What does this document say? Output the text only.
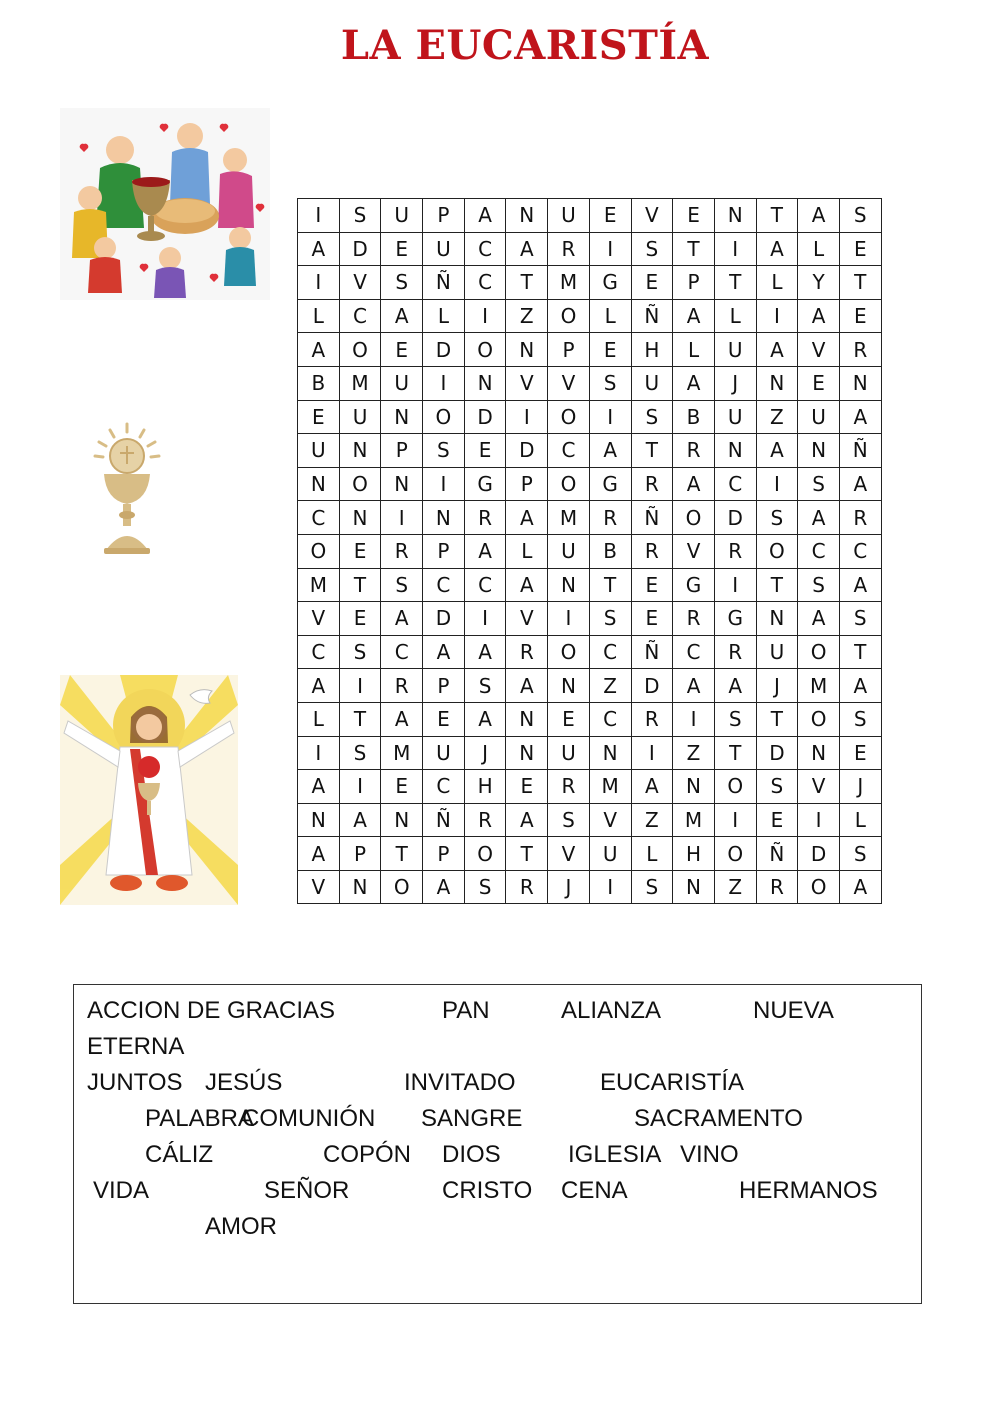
LA EUCARISTÍA
I	S	U	P	A	N	U	E	V	E	N	T	A	S
A	D	E	U	C	A	R	I	S	T	I	A	L	E
I	V	S	Ñ	C	T	M	G	E	P	T	L	Y	T
L	C	A	L	I	Z	O	L	Ñ	A	L	I	A	E
A	O	E	D	O	N	P	E	H	L	U	A	V	R
B	M	U	I	N	V	V	S	U	A	J	N	E	N
E	U	N	O	D	I	O	I	S	B	U	Z	U	A
U	N	P	S	E	D	C	A	T	R	N	A	N	Ñ
N	O	N	I	G	P	O	G	R	A	C	I	S	A
C	N	I	N	R	A	M	R	Ñ	O	D	S	A	R
O	E	R	P	A	L	U	B	R	V	R	O	C	C
M	T	S	C	C	A	N	T	E	G	I	T	S	A
V	E	A	D	I	V	I	S	E	R	G	N	A	S
C	S	C	A	A	R	O	C	Ñ	C	R	U	O	T
A	I	R	P	S	A	N	Z	D	A	A	J	M	A
L	T	A	E	A	N	E	C	R	I	S	T	O	S
I	S	M	U	J	N	U	N	I	Z	T	D	N	E
A	I	E	C	H	E	R	M	A	N	O	S	V	J
N	A	N	Ñ	R	A	S	V	Z	M	I	E	I	L
A	P	T	P	O	T	V	U	L	H	O	Ñ	D	S
V	N	O	A	S	R	J	I	S	N	Z	R	O	A
ACCION DE GRACIAS	PAN	ALIANZA	NUEVA
ETERNA
JUNTOS JESÚS	INVITADO	EUCARISTÍA
PALABRA
COMUNIÓN SANGRE	SACRAMENTO
CÁLIZ	COPÓN DIOS	IGLESIA VINO
VIDA	SEÑOR	CRISTO CENA	HERMANOS
AMOR
